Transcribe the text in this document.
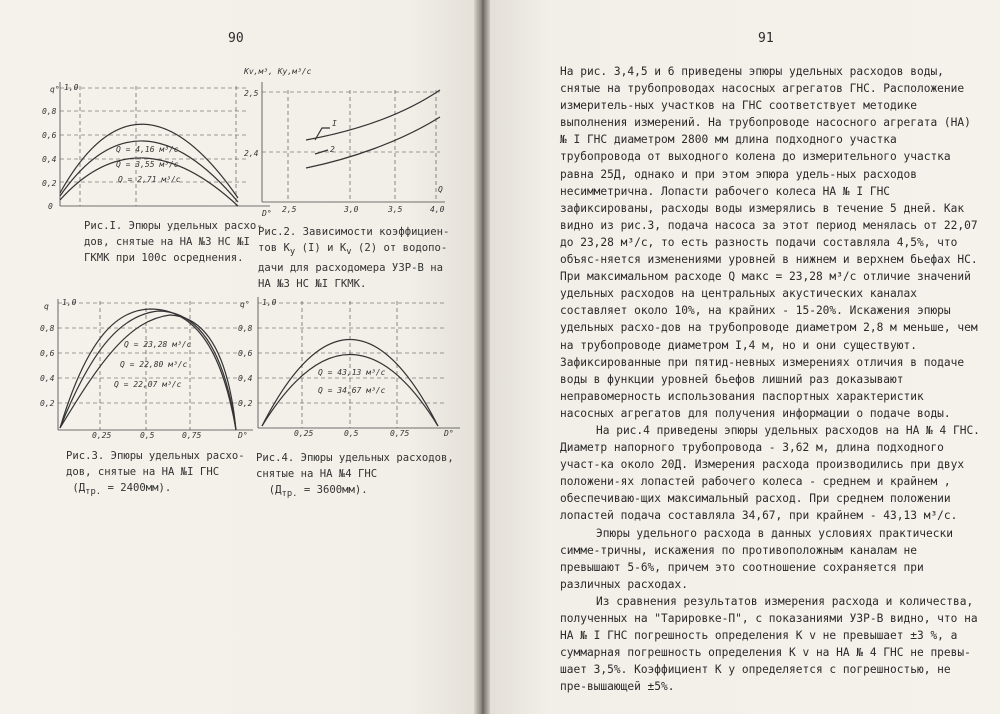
90	91
q°
0
D°
0,2
0,4
0,6
0,8
1,0
Q = 4,16 м³/c
Q = 3,55 м³/c
Q = 2,71 м³/c
Рис.I. Эпюры удельных расхо-
дов, снятые на НА №3 НС №I
ГКМК при 100с осреднения.
Kv,м³, Ку,м³/с
2,5
2,4
2,5	3,0	3,5	4,0
Q
I
2
Рис.2. Зависимости коэффициен-
тов $К_у$ (I) и $К_v$ (2) от водопо-
дачи для расходомера УЗР-В на
НА №3 НС №I ГКМК.
q
0,2
0,4
0,6
0,8
1,0
0,25	0,5	0,75	D°
Q = 23,28 м³/c
Q = 22,80 м³/c
Q = 22,07 м³/c
Рис.3. Эпюры удельных расхо-
дов, снятые на НА №I ГНС
$(Д_{тр.} = 2400мм)$.
q°
0,2
0,4
0,6
0,8
1,0
0,25	0,5	0,75	D°
Q = 43,13 м³/c
Q = 34,67 м³/c
Рис.4. Эпюры удельных расходов,
снятые на НА №4 ГНС
$(Д_{тр.} = 3600мм)$.

На рис. 3,4,5 и 6 приведены эпюры удельных расходов воды, снятые на трубопроводах насосных агрегатов ГНС. Расположение измеритель-ных участков на ГНС соответствует методике выполнения измерений. На трубопроводе насосного агрегата (НА) № I ГНС диаметром 2800 мм длина подходного участка трубопровода от выходного колена до измерительного участка равна 25Д, однако и при этом эпюра удель-ных расходов несимметрична. Лопасти рабочего колеса НА № I ГНС зафиксированы, расходы воды измерялись в течение 5 дней. Как видно из рис.3, подача насоса за этот период менялась от 22,07 до 23,28 м³/с, то есть разность подачи составляла 4,5%, что объяс-няется изменениями уровней в нижнем и верхнем бьефах НС. При максимальном расходе Q макс = 23,28 м³/с отличие значений удельных расходов на центральных акустических каналах составляет около 10%, на крайних - 15-20%. Искажения эпюры удельных расхо-дов на трубопроводе диаметром 2,8 м меньше, чем на трубопроводе диаметром I,4 м, но и они существуют. Зафиксированные при пятид-невных измерениях отличия в подаче воды в функции уровней бьефов лишний раз доказывают неправомерность использования паспортных характеристик насосных агрегатов для получения информации о подаче воды.

На рис.4 приведены эпюры удельных расходов на НА № 4 ГНС. Диаметр напорного трубопровода - 3,62 м, длина подходного участ-ка около 20Д. Измерения расхода производились при двух положени-ях лопастей рабочего колеса - среднем и крайнем , обеспечиваю-щих максимальный расход. При среднем положении лопастей подача составляла 34,67, при крайнем - 43,13 м³/с.

Эпюры удельного расхода в данных условиях практически симме-тричны, искажения по противоположным каналам не превышают 5-6%, причем это соотношение сохраняется при различных расходах.

Из сравнения результатов измерения расхода и количества, полученных на "Тарировке-П", с показаниями УЗР-В видно, что на НА № I ГНС погрешность определения К v не превышает ±3 %, а суммарная погрешность определения К v на НА № 4 ГНС не превы-шает 3,5%. Коэффициент К у определяется с погрешностью, не пре-вышающей ±5%.
